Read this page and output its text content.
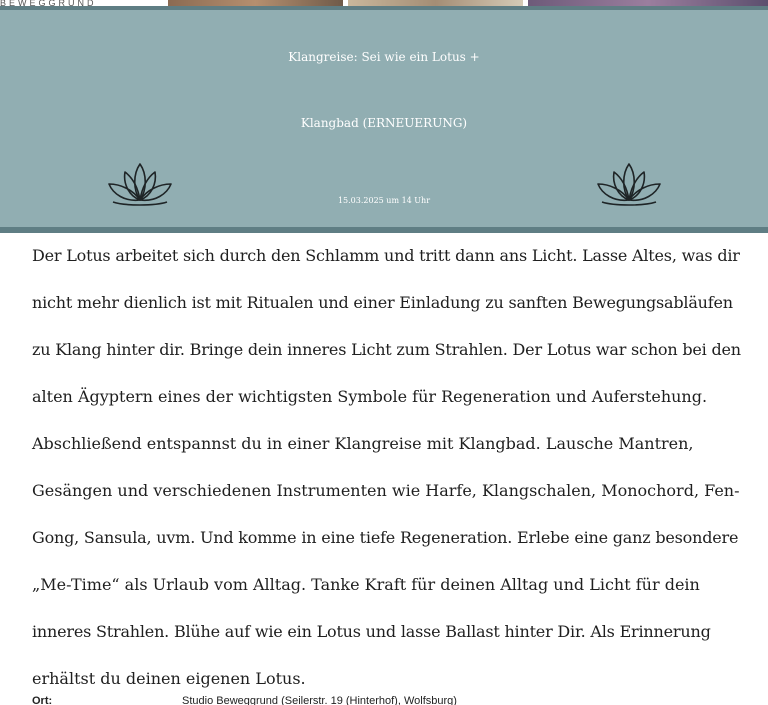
BEWEGGRUND
Klangreise: Sei wie ein Lotus +
Klangbad (ERNEUERUNG)
15.03.2025 um 14 Uhr
Der Lotus arbeitet sich durch den Schlamm und tritt dann ans Licht. Lasse Altes, was dir
nicht mehr dienlich ist mit Ritualen und einer Einladung zu sanften Bewegungsabläufen
zu Klang hinter dir. Bringe dein inneres Licht zum Strahlen. Der Lotus war schon bei den
alten Ägyptern eines der wichtigsten Symbole für Regeneration und Auferstehung.
Abschließend entspannst du in einer Klangreise mit Klangbad. Lausche Mantren,
Gesängen und verschiedenen Instrumenten wie Harfe, Klangschalen, Monochord, Fen-
Gong, Sansula, uvm. Und komme in eine tiefe Regeneration. Erlebe eine ganz besondere
„Me-Time“ als Urlaub vom Alltag. Tanke Kraft für deinen Alltag und Licht für dein
inneres Strahlen. Blühe auf wie ein Lotus und lasse Ballast hinter Dir. Als Erinnerung
erhältst du deinen eigenen Lotus.
Ort:	Studio Beweggrund (Seilerstr. 19 (Hinterhof), Wolfsburg)
